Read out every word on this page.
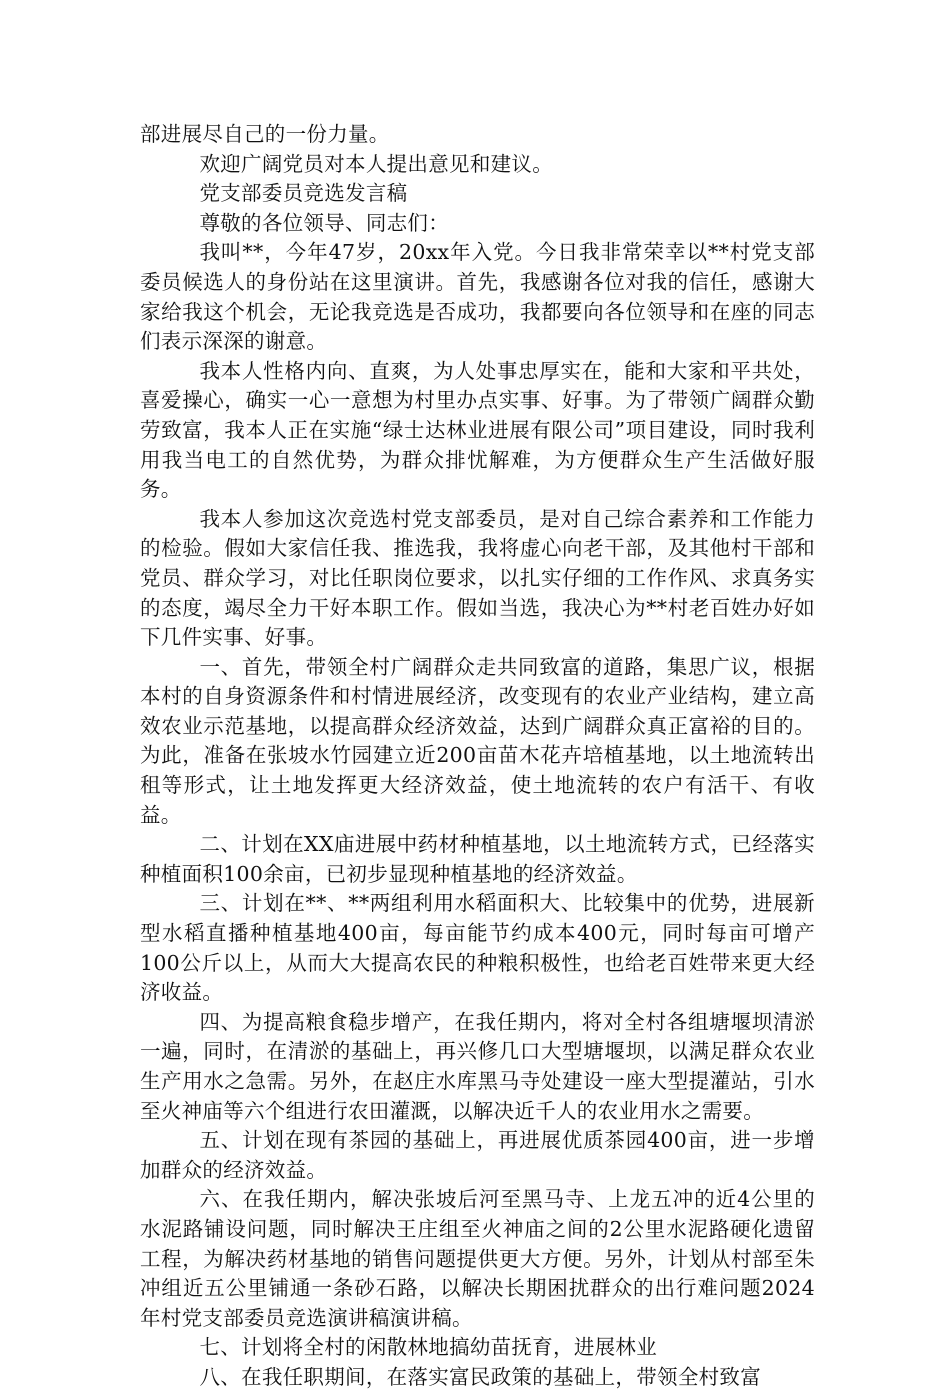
部进展尽自己的一份力量。

欢迎广阔党员对本人提出意见和建议。

党支部委员竞选发言稿

尊敬的各位领导、同志们：

我叫**，今年47岁，20xx年入党。今日我非常荣幸以**村党支部委员候选人的身份站在这里演讲。首先，我感谢各位对我的信任，感谢大家给我这个机会，无论我竞选是否成功，我都要向各位领导和在座的同志们表示深深的谢意。

我本人性格内向、直爽，为人处事忠厚实在，能和大家和平共处，喜爱操心，确实一心一意想为村里办点实事、好事。为了带领广阔群众勤劳致富，我本人正在实施“绿士达林业进展有限公司”项目建设，同时我利用我当电工的自然优势，为群众排忧解难，为方便群众生产生活做好服务。

我本人参加这次竞选村党支部委员，是对自己综合素养和工作能力的检验。假如大家信任我、推选我，我将虚心向老干部，及其他村干部和党员、群众学习，对比任职岗位要求，以扎实仔细的工作作风、求真务实的态度，竭尽全力干好本职工作。假如当选，我决心为**村老百姓办好如下几件实事、好事。

一、首先，带领全村广阔群众走共同致富的道路，集思广议，根据本村的自身资源条件和村情进展经济，改变现有的农业产业结构，建立高效农业示范基地，以提高群众经济效益，达到广阔群众真正富裕的目的。为此，准备在张坡水竹园建立近200亩苗木花卉培植基地，以土地流转出租等形式，让土地发挥更大经济效益，使土地流转的农户有活干、有收益。

二、计划在XX庙进展中药材种植基地，以土地流转方式，已经落实种植面积100余亩，已初步显现种植基地的经济效益。

三、计划在**、**两组利用水稻面积大、比较集中的优势，进展新型水稻直播种植基地400亩，每亩能节约成本400元，同时每亩可增产100公斤以上，从而大大提高农民的种粮积极性，也给老百姓带来更大经济收益。

四、为提高粮食稳步增产，在我任期内，将对全村各组塘堰坝清淤一遍，同时，在清淤的基础上，再兴修几口大型塘堰坝，以满足群众农业生产用水之急需。另外，在赵庄水库黑马寺处建设一座大型提灌站，引水至火神庙等六个组进行农田灌溉，以解决近千人的农业用水之需要。

五、计划在现有茶园的基础上，再进展优质茶园400亩，进一步增加群众的经济效益。

六、在我任期内，解决张坡后河至黑马寺、上龙五冲的近4公里的水泥路铺设问题，同时解决王庄组至火神庙之间的2公里水泥路硬化遗留工程，为解决药材基地的销售问题提供更大方便。另外，计划从村部至朱冲组近五公里铺通一条砂石路，以解决长期困扰群众的出行难问题2024年村党支部委员竞选演讲稿演讲稿。

七、计划将全村的闲散林地搞幼苗抚育，进展林业

八、在我任职期间，在落实富民政策的基础上，带领全村致富
